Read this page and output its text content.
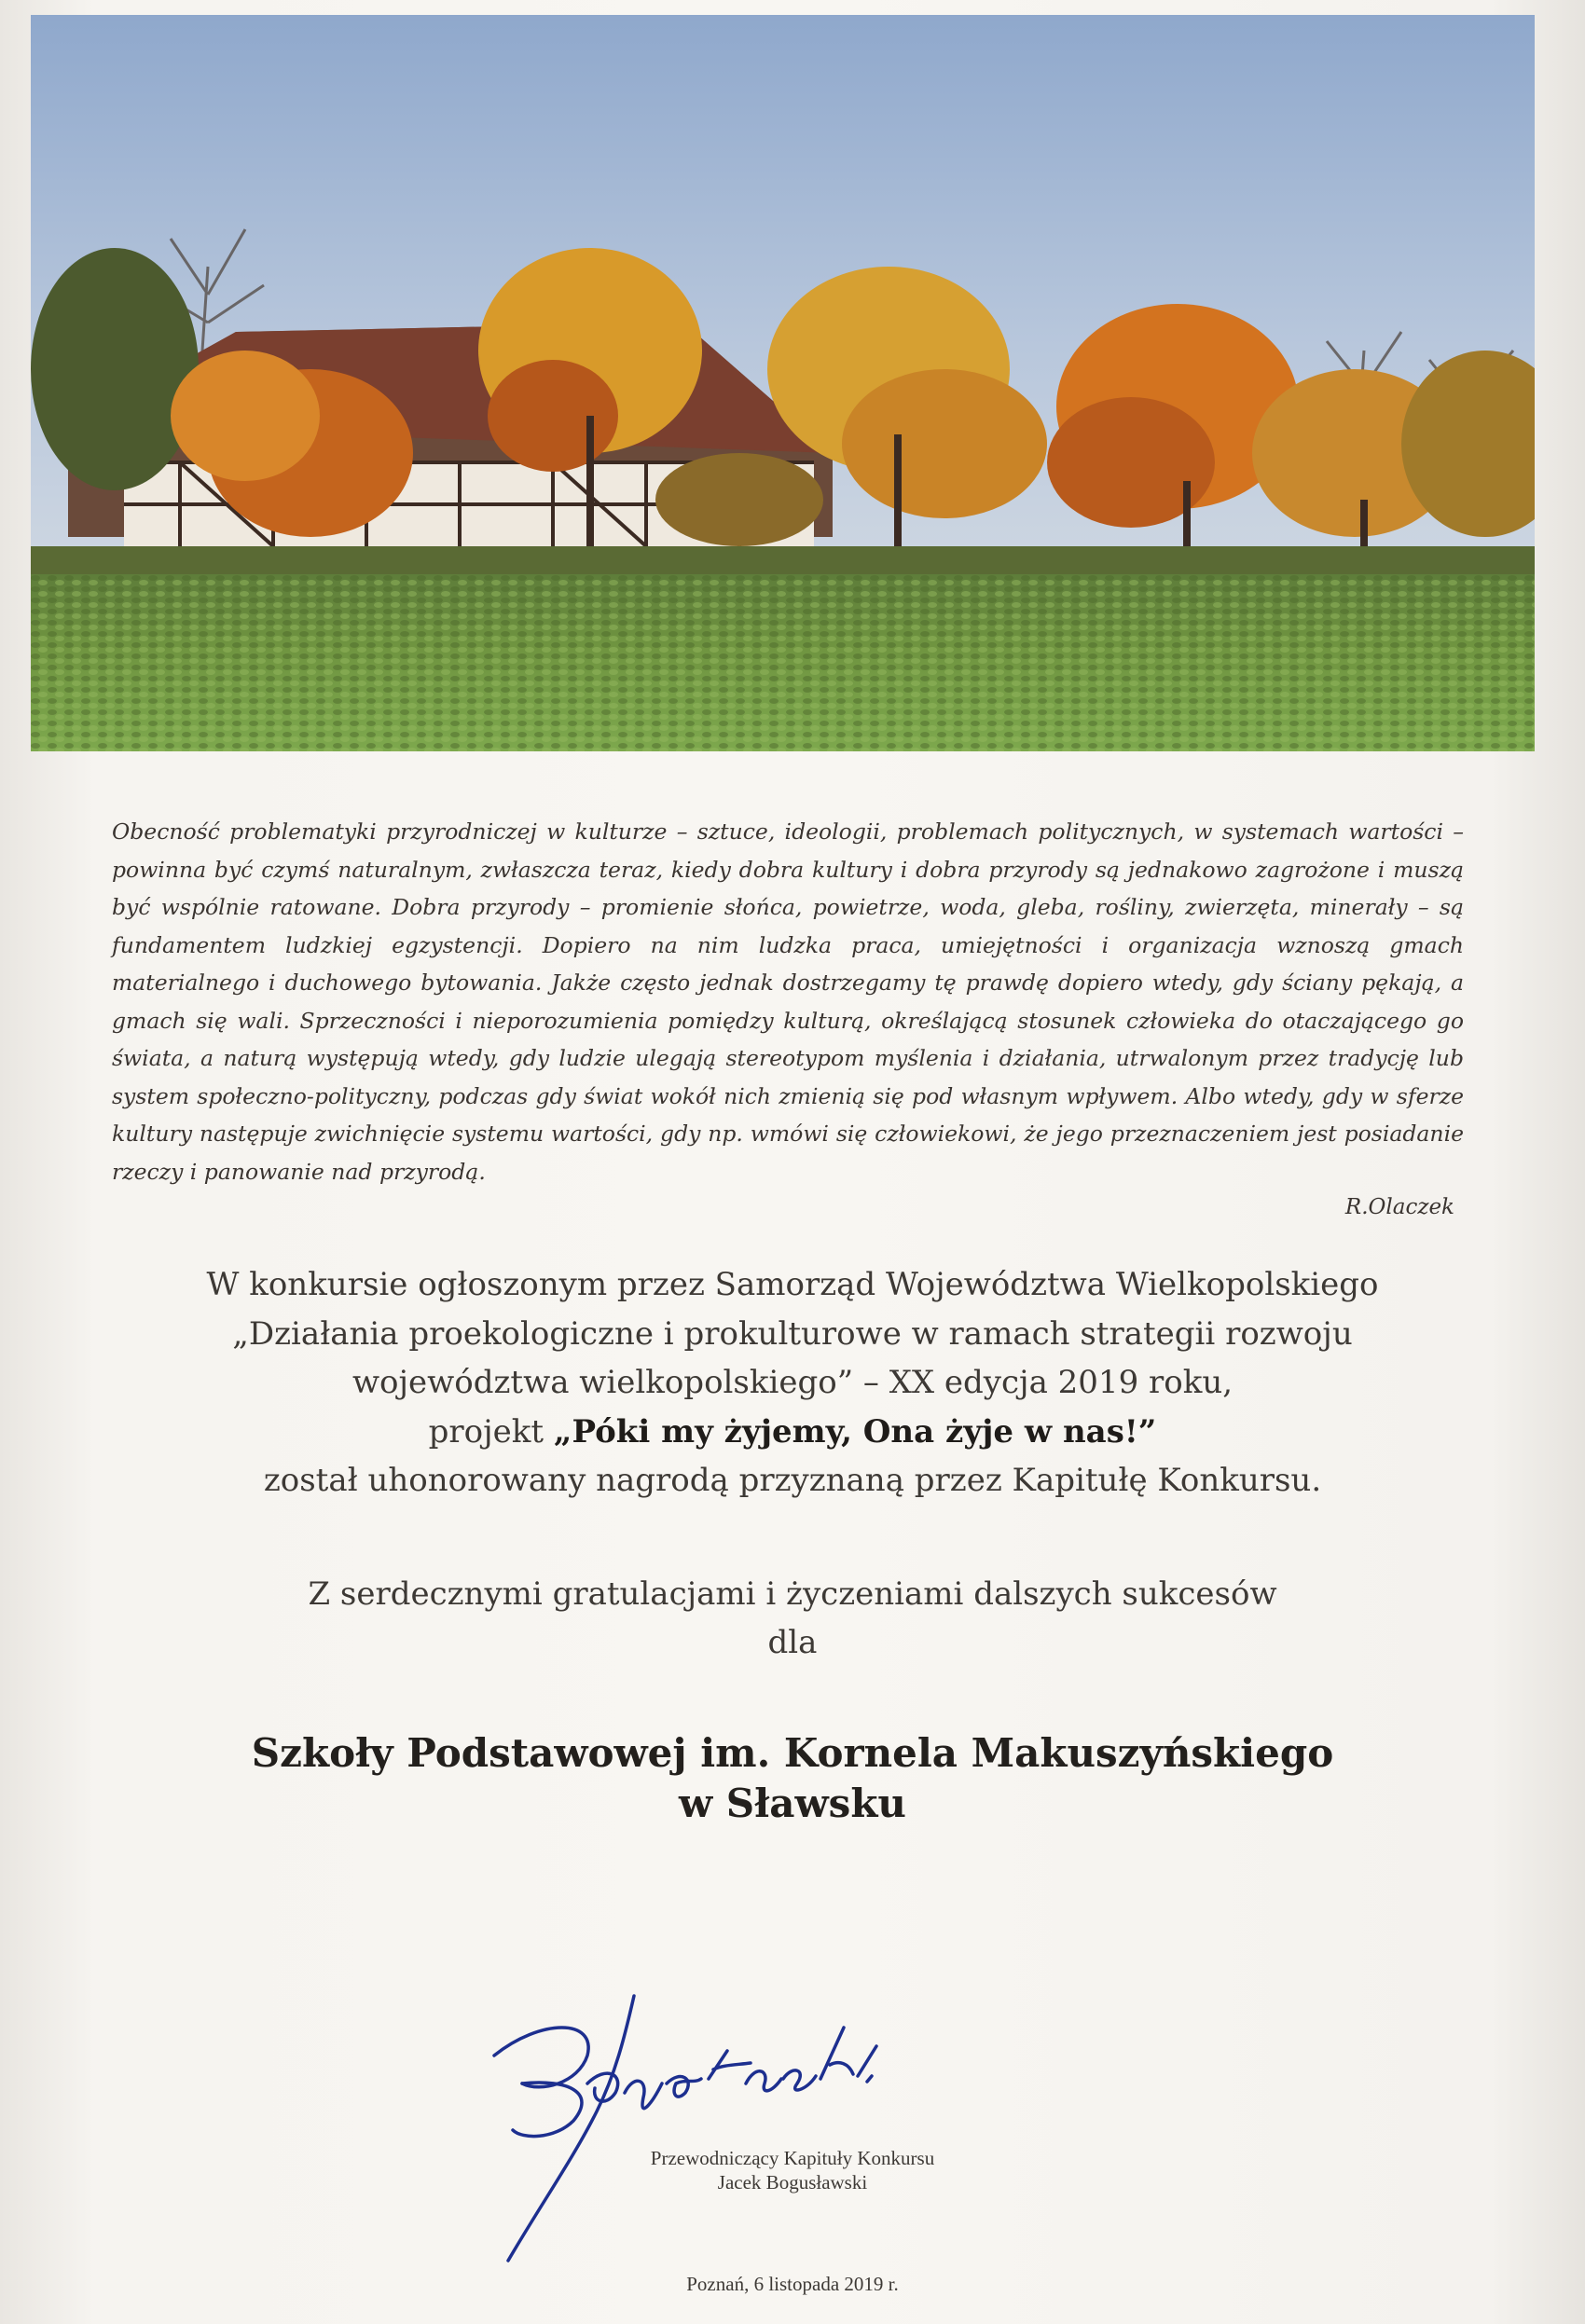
Obecność problematyki przyrodniczej w kulturze – sztuce, ideologii, problemach politycznych, w systemach wartości – powinna być czymś naturalnym, zwłaszcza teraz, kiedy dobra kultury i dobra przyrody są jednakowo zagrożone i muszą być wspólnie ratowane. Dobra przyrody – promienie słońca, powietrze, woda, gleba, rośliny, zwierzęta, minerały – są fundamentem ludzkiej egzystencji. Dopiero na nim ludzka praca, umiejętności i organizacja wznoszą gmach materialnego i duchowego bytowania. Jakże często jednak dostrzegamy tę prawdę dopiero wtedy, gdy ściany pękają, a gmach się wali. Sprzeczności i nieporozumienia pomiędzy kulturą, określającą stosunek człowieka do otaczającego go świata, a naturą występują wtedy, gdy ludzie ulegają stereotypom myślenia i działania, utrwalonym przez tradycję lub system społeczno-polityczny, podczas gdy świat wokół nich zmienią się pod własnym wpływem. Albo wtedy, gdy w sferze kultury następuje zwichnięcie systemu wartości, gdy np. wmówi się człowiekowi, że jego przeznaczeniem jest posiadanie rzeczy i panowanie nad przyrodą.
R.Olaczek
W konkursie ogłoszonym przez Samorząd Województwa Wielkopolskiego
„Działania proekologiczne i prokulturowe w ramach strategii rozwoju
województwa wielkopolskiego” – XX edycja 2019 roku,
projekt „Póki my żyjemy, Ona żyje w nas!”
został uhonorowany nagrodą przyznaną przez Kapitułę Konkursu.
Z serdecznymi gratulacjami i życzeniami dalszych sukcesów
dla
Szkoły Podstawowej im. Kornela Makuszyńskiego
w Sławsku
Przewodniczący Kapituły Konkursu
Jacek Bogusławski
Poznań, 6 listopada 2019 r.
